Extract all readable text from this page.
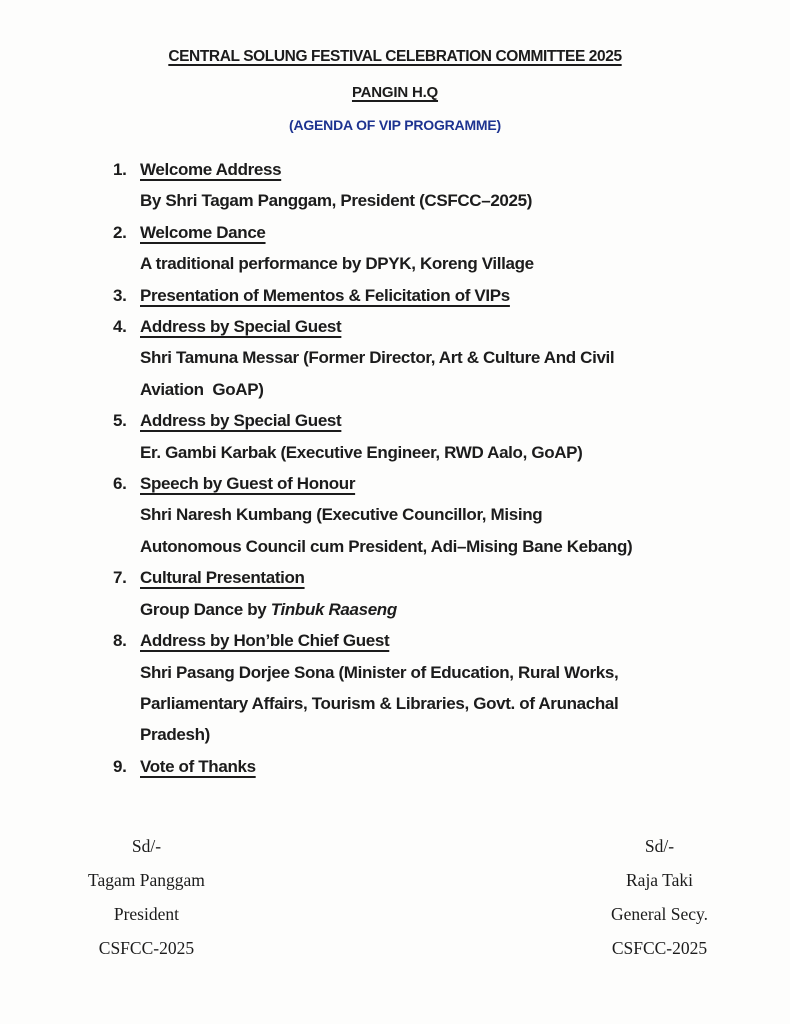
CENTRAL SOLUNG FESTIVAL CELEBRATION COMMITTEE 2025
PANGIN H.Q
(AGENDA OF VIP PROGRAMME)
1. Welcome Address
By Shri Tagam Panggam, President (CSFCC–2025)
2. Welcome Dance
A traditional performance by DPYK, Koreng Village
3. Presentation of Mementos & Felicitation of VIPs
4. Address by Special Guest
Shri Tamuna Messar (Former Director, Art & Culture And Civil
Aviation  GoAP)
5. Address by Special Guest
Er. Gambi Karbak (Executive Engineer, RWD Aalo, GoAP)
6. Speech by Guest of Honour
Shri Naresh Kumbang (Executive Councillor, Mising
Autonomous Council cum President, Adi–Mising Bane Kebang)
7. Cultural Presentation
Group Dance by Tinbuk Raaseng
8. Address by Hon’ble Chief Guest
Shri Pasang Dorjee Sona (Minister of Education, Rural Works,
Parliamentary Affairs, Tourism & Libraries, Govt. of Arunachal
Pradesh)
9. Vote of Thanks
Sd/-
Tagam Panggam
President
CSFCC-2025
Sd/-
Raja Taki
General Secy.
CSFCC-2025
